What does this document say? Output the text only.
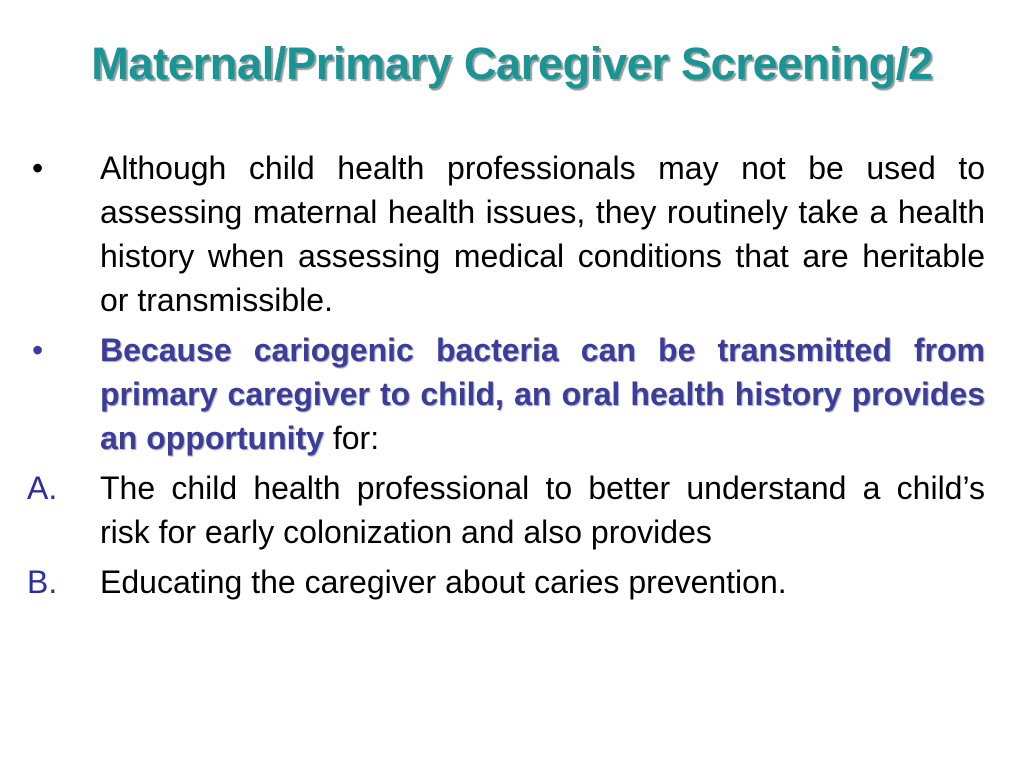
Maternal/Primary Caregiver Screening/2
•	Although child health professionals may not be used to assessing maternal health issues, they routinely take a health history when assessing medical conditions that are heritable or transmissible.
•	Because cariogenic bacteria can be transmitted from primary caregiver to child, an oral health history provides an opportunity for:
A.	The child health professional to better understand a child’s risk for early colonization and also provides
B.	Educating the caregiver about caries prevention.
